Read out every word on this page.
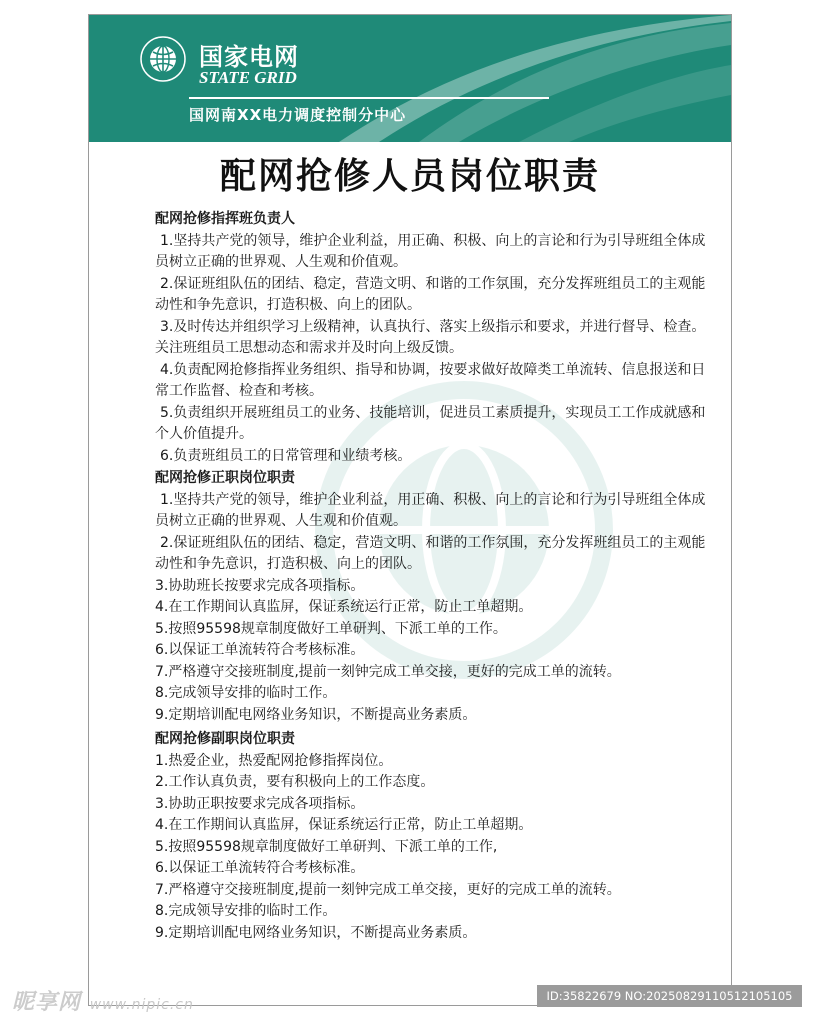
国家电网
STATE GRID
国网南XX电力调度控制分中心
配网抢修人员岗位职责
配网抢修指挥班负责人
1.坚持共产党的领导，维护企业利益，用正确、积极、向上的言论和行为引导班组全体成员树立正确的世界观、人生观和价值观。
2.保证班组队伍的团结、稳定，营造文明、和谐的工作氛围，充分发挥班组员工的主观能动性和争先意识，打造积极、向上的团队。
3.及时传达并组织学习上级精神，认真执行、落实上级指示和要求，并进行督导、检查。关注班组员工思想动态和需求并及时向上级反馈。
4.负责配网抢修指挥业务组织、指导和协调，按要求做好故障类工单流转、信息报送和日常工作监督、检查和考核。
5.负责组织开展班组员工的业务、技能培训，促进员工素质提升，实现员工工作成就感和个人价值提升。
6.负责班组员工的日常管理和业绩考核。
配网抢修正职岗位职责
1.坚持共产党的领导，维护企业利益，用正确、积极、向上的言论和行为引导班组全体成员树立正确的世界观、人生观和价值观。
2.保证班组队伍的团结、稳定，营造文明、和谐的工作氛围，充分发挥班组员工的主观能动性和争先意识，打造积极、向上的团队。
3.协助班长按要求完成各项指标。
4.在工作期间认真监屏，保证系统运行正常，防止工单超期。
5.按照95598规章制度做好工单研判、下派工单的工作。
6.以保证工单流转符合考核标准。
7.严格遵守交接班制度,提前一刻钟完成工单交接，更好的完成工单的流转。
8.完成领导安排的临时工作。
9.定期培训配电网络业务知识，不断提高业务素质。
配网抢修副职岗位职责
1.热爱企业，热爱配网抢修指挥岗位。
2.工作认真负责，要有积极向上的工作态度。
3.协助正职按要求完成各项指标。
4.在工作期间认真监屏，保证系统运行正常，防止工单超期。
5.按照95598规章制度做好工单研判、下派工单的工作,
6.以保证工单流转符合考核标准。
7.严格遵守交接班制度,提前一刻钟完成工单交接，更好的完成工单的流转。
8.完成领导安排的临时工作。
9.定期培训配电网络业务知识，不断提高业务素质。
昵享网 www.nipic.cn
ID:35822679 NO:20250829110512105105
